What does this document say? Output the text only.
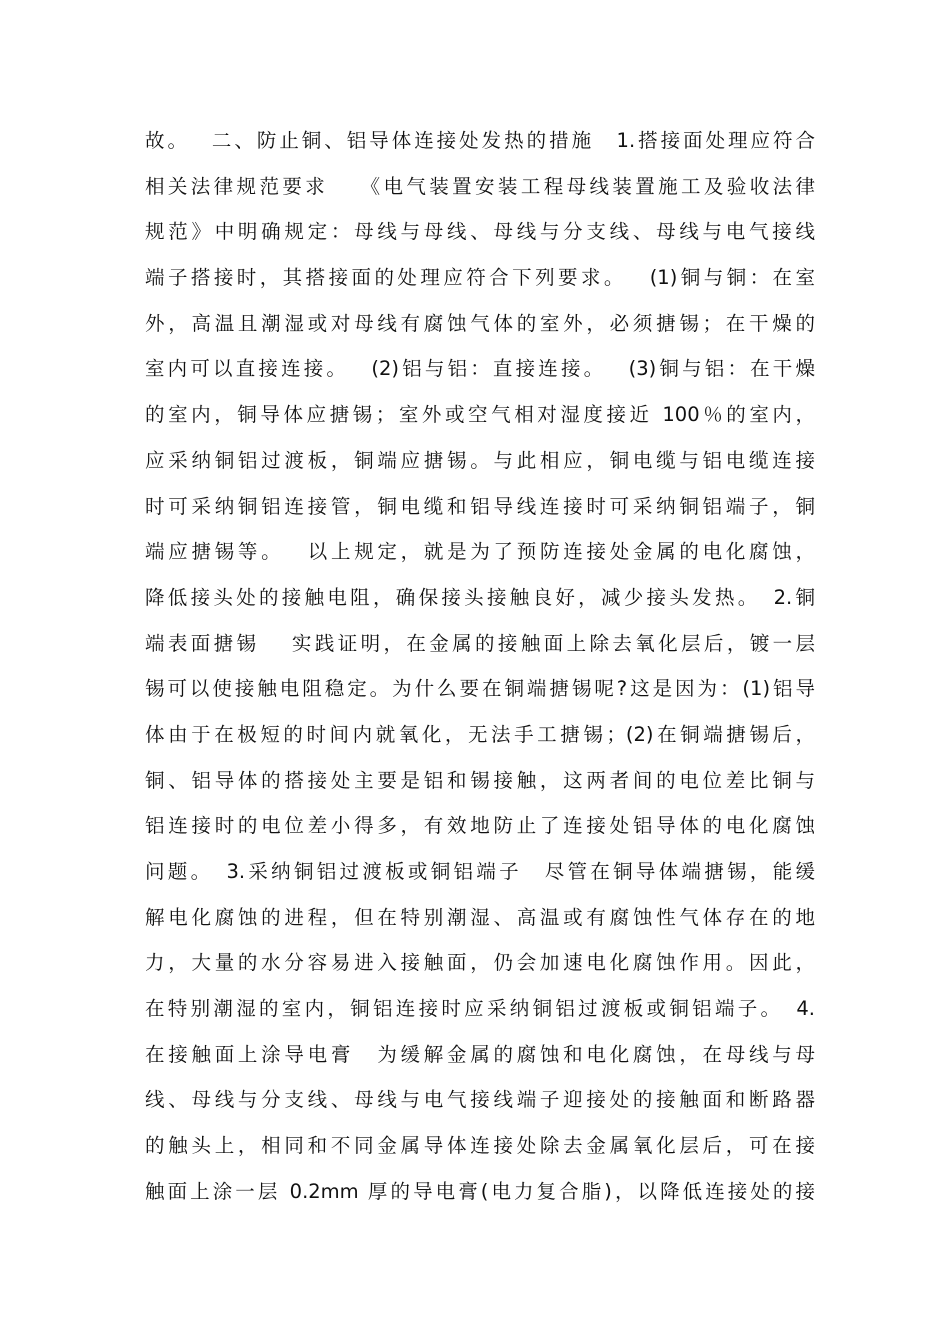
故。　 二、防止铜、铝导体连接处发热的措施　1.搭接面处理应符合
相关法律规范要求　 《电气装置安装工程母线装置施工及验收法律
规范》中明确规定：母线与母线、母线与分支线、母线与电气接线
端子搭接时，其搭接面的处理应符合下列要求。　 (1)铜与铜：在室
外，高温且潮湿或对母线有腐蚀气体的室外，必须搪锡；在干燥的
室内可以直接连接。　 (2)铝与铝：直接连接。　 (3)铜与铝：在干燥
的室内，铜导体应搪锡；室外或空气相对湿度接近 100％的室内，
应采纳铜铝过渡板，铜端应搪锡。与此相应，铜电缆与铝电缆连接
时可采纳铜铝连接管，铜电缆和铝导线连接时可采纳铜铝端子，铜
端应搪锡等。　 以上规定，就是为了预防连接处金属的电化腐蚀，
降低接头处的接触电阻，确保接头接触良好，减少接头发热。　2.铜
端表面搪锡　 实践证明，在金属的接触面上除去氧化层后，镀一层
锡可以使接触电阻稳定。为什么要在铜端搪锡呢?这是因为：(1)铝导
体由于在极短的时间内就氧化，无法手工搪锡；(2)在铜端搪锡后，
铜、铝导体的搭接处主要是铝和锡接触，这两者间的电位差比铜与
铝连接时的电位差小得多，有效地防止了连接处铝导体的电化腐蚀
问题。　3.采纳铜铝过渡板或铜铝端子　尽管在铜导体端搪锡，能缓
解电化腐蚀的进程，但在特别潮湿、高温或有腐蚀性气体存在的地
力，大量的水分容易进入接触面，仍会加速电化腐蚀作用。因此，
在特别潮湿的室内，铜铝连接时应采纳铜铝过渡板或铜铝端子。　4.
在接触面上涂导电膏　为缓解金属的腐蚀和电化腐蚀，在母线与母
线、母线与分支线、母线与电气接线端子迎接处的接触面和断路器
的触头上，相同和不同金属导体连接处除去金属氧化层后，可在接
触面上涂一层 0.2mm 厚的导电膏(电力复合脂)，以降低连接处的接
